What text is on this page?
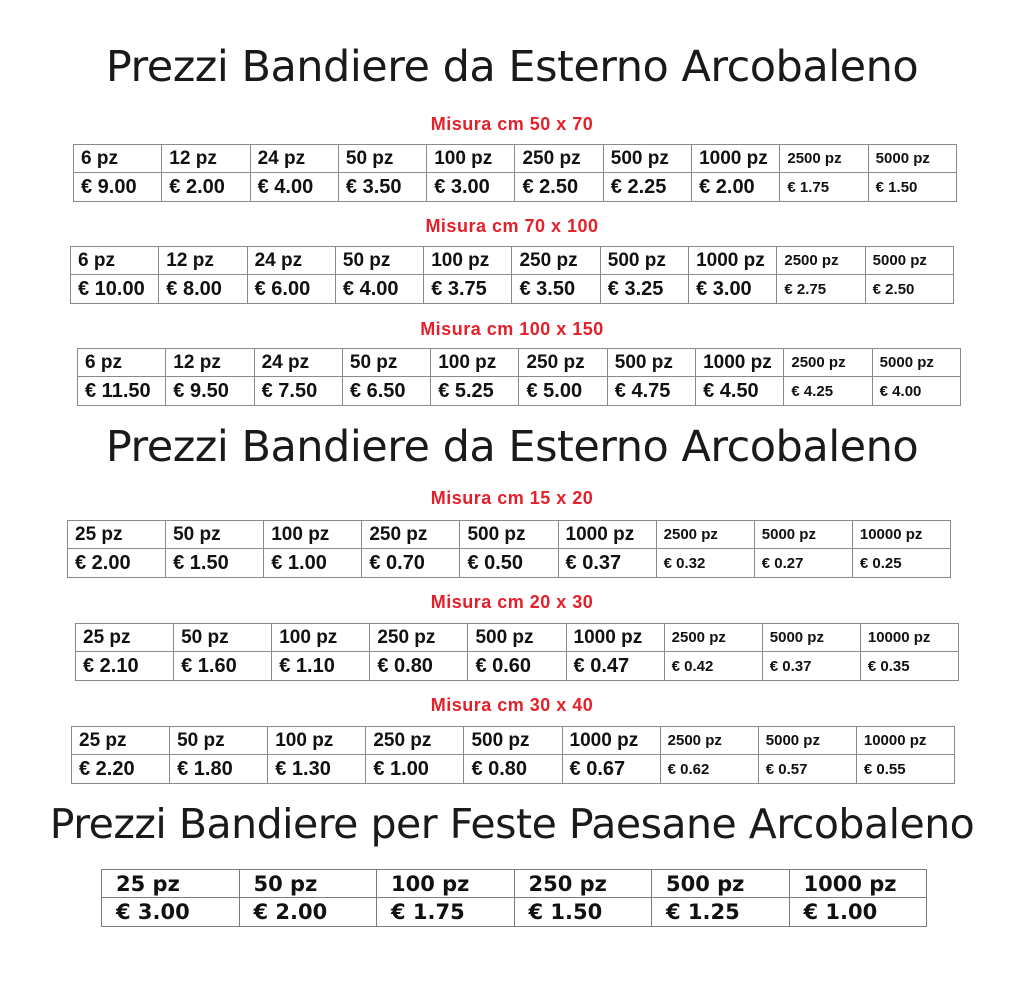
Prezzi Bandiere da Esterno Arcobaleno
Prezzi Bandiere da Esterno Arcobaleno
Prezzi Bandiere per Feste Paesane Arcobaleno
Misura cm 50 x 70
Misura cm 70 x 100
Misura cm 100 x 150
Misura cm 15 x 20
Misura cm 20 x 30
Misura cm 30 x 40
6 pz	12 pz	24 pz	50 pz	100 pz	250 pz	500 pz	1000 pz	2500 pz	5000 pz
€ 9.00	€ 2.00	€ 4.00	€ 3.50	€ 3.00	€ 2.50	€ 2.25	€ 2.00	€ 1.75	€ 1.50
6 pz	12 pz	24 pz	50 pz	100 pz	250 pz	500 pz	1000 pz	2500 pz	5000 pz
€ 10.00	€ 8.00	€ 6.00	€ 4.00	€ 3.75	€ 3.50	€ 3.25	€ 3.00	€ 2.75	€ 2.50
6 pz	12 pz	24 pz	50 pz	100 pz	250 pz	500 pz	1000 pz	2500 pz	5000 pz
€ 11.50	€ 9.50	€ 7.50	€ 6.50	€ 5.25	€ 5.00	€ 4.75	€ 4.50	€ 4.25	€ 4.00
25 pz	50 pz	100 pz	250 pz	500 pz	1000 pz	2500 pz	5000 pz	10000 pz
€ 2.00	€ 1.50	€ 1.00	€ 0.70	€ 0.50	€ 0.37	€ 0.32	€ 0.27	€ 0.25
25 pz	50 pz	100 pz	250 pz	500 pz	1000 pz	2500 pz	5000 pz	10000 pz
€ 2.10	€ 1.60	€ 1.10	€ 0.80	€ 0.60	€ 0.47	€ 0.42	€ 0.37	€ 0.35
25 pz	50 pz	100 pz	250 pz	500 pz	1000 pz	2500 pz	5000 pz	10000 pz
€ 2.20	€ 1.80	€ 1.30	€ 1.00	€ 0.80	€ 0.67	€ 0.62	€ 0.57	€ 0.55
25 pz	50 pz	100 pz	250 pz	500 pz	1000 pz
€ 3.00	€ 2.00	€ 1.75	€ 1.50	€ 1.25	€ 1.00
